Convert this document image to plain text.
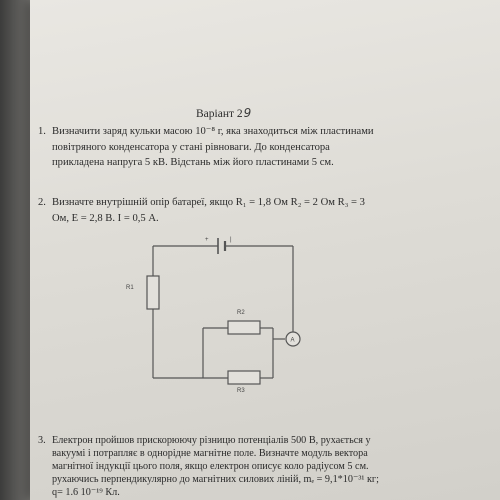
Варіант 29
1. Визначити заряд кульки масою 10⁻⁸ г, яка знаходиться між пластинами
повітряного конденсатора у стані рівноваги. До конденсатора
прикладена напруга 5 кВ. Відстань між його пластинами 5 см.
2. Визначте внутрішній опір батареї, якщо R₁ = 1,8 Ом R₂ = 2 Ом R₃ = 3
Ом, E = 2,8 В. I = 0,5 А.
+	|
R1
R2
R3
A
3. Електрон пройшов прискорюючу різницю потенціалів 500 В, рухається у
вакуумі і потрапляє в однорідне магнітне поле. Визначте модуль вектора
магнітної індукції цього поля, якщо електрон описує коло радіусом 5 см.
рухаючись перпендикулярно до магнітних силових ліній, mₑ = 9,1*10⁻³¹ кг;
q= 1.6 10⁻¹⁹ Кл.
